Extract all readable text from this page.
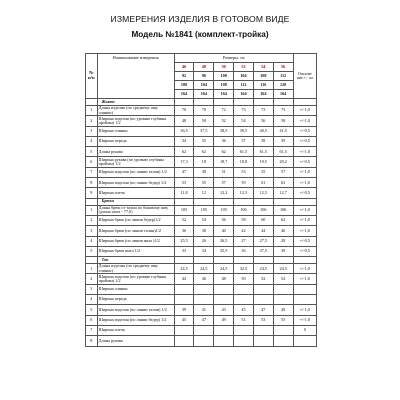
ИЗМЕРЕНИЯ ИЗДЕЛИЯ В ГОТОВОМ ВИДЕ
Модель №1841 (комплект-тройка)
№ п/п	Наименование измерения	Размеры, см						Отклоне ние,+,- см
		46	48	50	52	54	56	
		92	96	100	104	108	112	
		100	104	108	112	116	120	
		164	164	164	164	164	164	
	Жакет							
1	Длина изделия (по среднему шву спинки)	70	70	72	73	73	73	+/-1,0
2	Ширина изделия (по уровню глубины проймы) 1/2	48	50	52	54	56	58	+/-1,0
3	Ширина спинки	36,5	37,5	38,5	39,5	40,5	41,5	+/-0,5
4	Ширина переда	34	35	36	37	38	39	+/-0,5
5	Длина рукава	62	62	62	61,5	61,5	61,5	+/-1,0
6	Ширина рукава (по уровню глубины проймы) 1/2	17,3	18	18,7	18,8	19,5	20,2	+/-0,5
7	Ширина изделия (по линии талии) 1/2	47	49	51	53	55	57	+/-1,0
8	Ширина изделия (по линии бедер) 1/2	53	55	57	59	61	63	+/-1,0
9	Ширина плеча	11,8	12	12,2	12,3	12,5	12,7	+/-0,5
	Брюки							
1	Длина брюк от талии по боковому шву (длина шага - 77,0)	105	105	105	106	106	106	+/-1,0
2	Ширина брюк (по линии бедер)1/2	52	54	56	58	60	62	+/-1,0
3	Ширина брюк (по линии талии)1/2	36	38	40	42	44	46	+/-1,0
4	Ширина брюк (по линии низа )1/2	25,5	26	26,5	27	27,5	28	+/-0,5
5	Ширина брюк шага 1/2	33	34	35,5	36	37,5	39	+/-0,5
	Топ							
1	Длина изделия (по среднему шву спинки)	24,5	24,5	24,5	32,5	24,5	24,5	+/-1,0
2	Ширина изделия (по уровню глубины проймы) 1/2	44	46	48	50	52	54	+/-1,0
3	Ширина спинки							
4	Ширина переда							
5	Ширина изделия (по линии талии) 1/2	39	41	43	45	47	49	+/-1,0
6	Ширина изделия (по линии бедер) 1/2	45	47	49	51	53	55	+/-1,0
7	Ширина плеча							0
8	Длина рукава							
